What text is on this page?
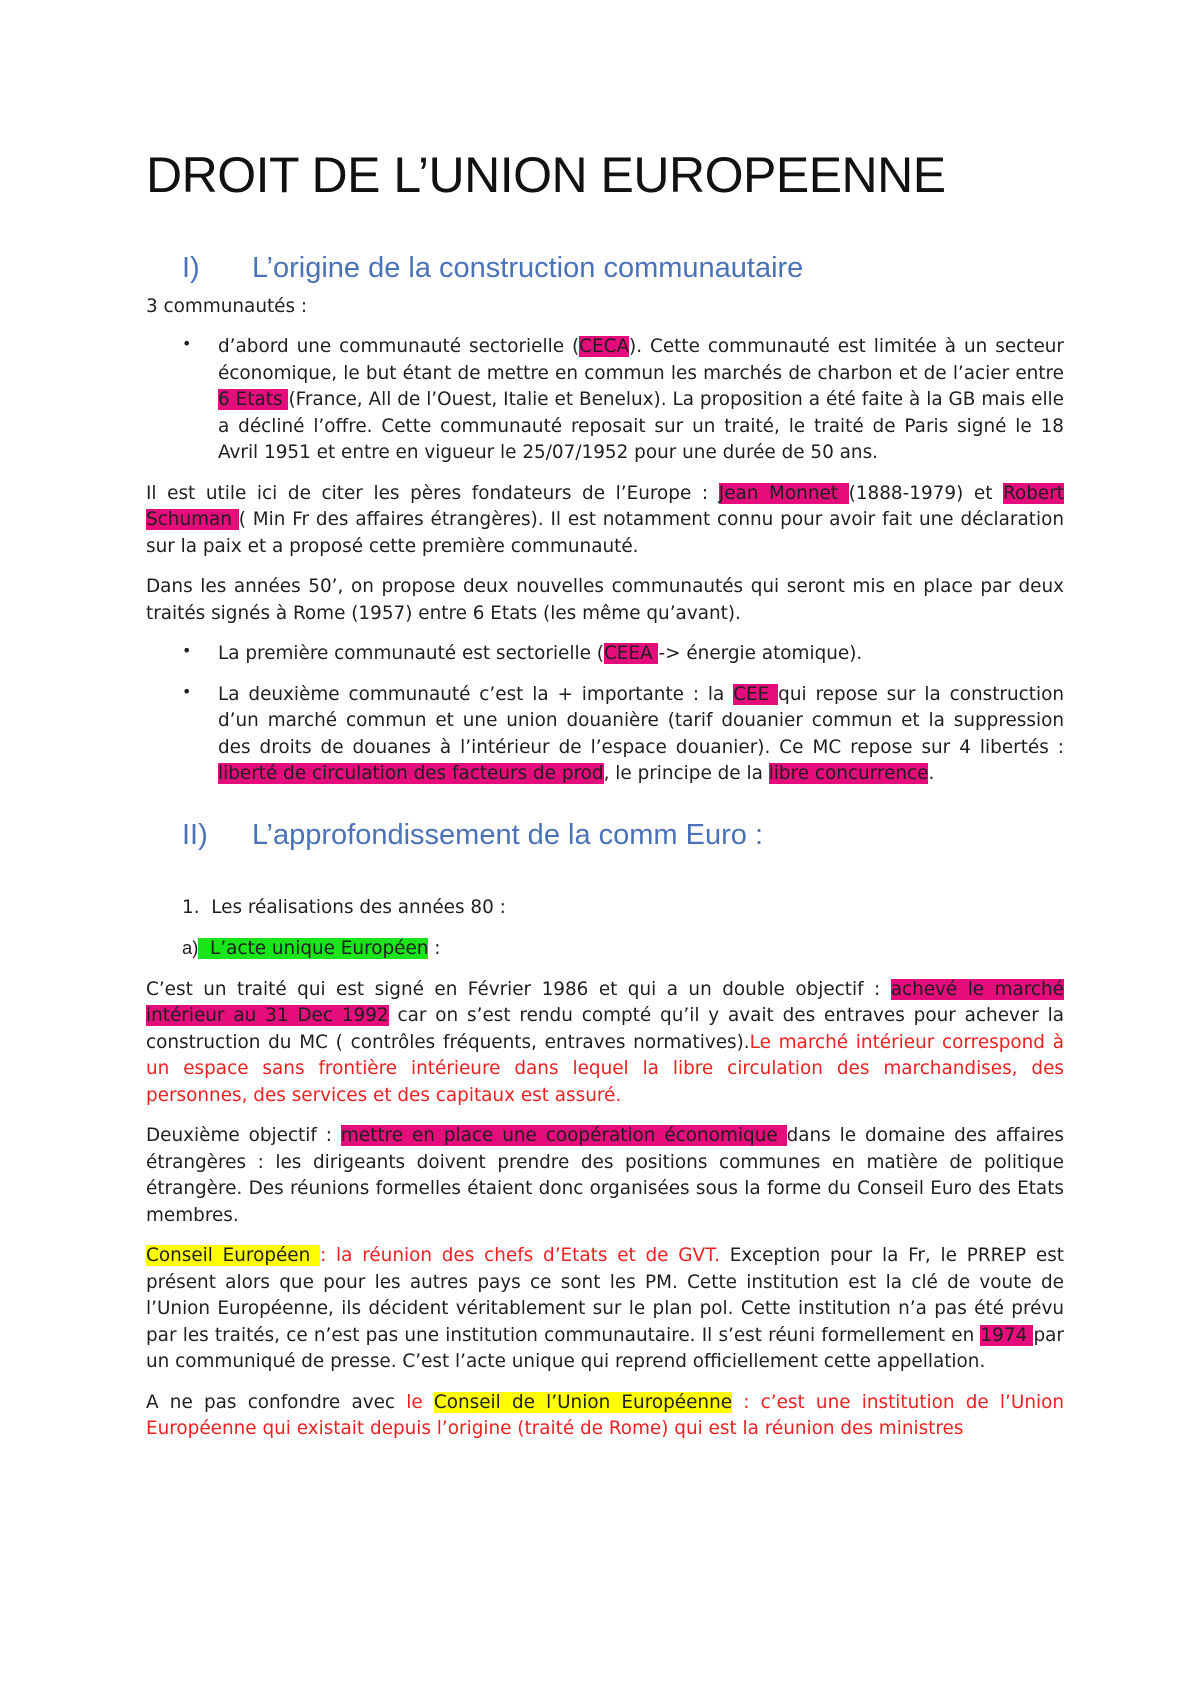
DROIT DE L’UNION EUROPEENNE
I)	L’origine de la construction communautaire

3 communautés :

•	d’abord une communauté sectorielle (CECA). Cette communauté est limitée à un secteur économique, le but étant de mettre en commun les marchés de charbon et de l’acier entre 6 Etats (France, All de l’Ouest, Italie et Benelux). La proposition a été faite à la GB mais elle a décliné l’offre. Cette communauté reposait sur un traité, le traité de Paris signé le 18 Avril 1951 et entre en vigueur le 25/07/1952 pour une durée de 50 ans.

Il est utile ici de citer les pères fondateurs de l’Europe : Jean Monnet (1888-1979) et Robert Schuman ( Min Fr des affaires étrangères). Il est notamment connu pour avoir fait une déclaration sur la paix et a proposé cette première communauté.

Dans les années 50’, on propose deux nouvelles communautés qui seront mis en place par deux traités signés à Rome (1957) entre 6 Etats (les même qu’avant).

•	La première communauté est sectorielle (CEEA -> énergie atomique).

•	La deuxième communauté c’est la + importante : la CEE qui repose sur la construction d’un marché commun et une union douanière (tarif douanier commun et la suppression des droits de douanes à l’intérieur de l’espace douanier). Ce MC repose sur 4 libertés : liberté de circulation des facteurs de prod, le principe de la libre concurrence.

II)	L’approfondissement de la comm Euro :

1.  Les réalisations des années 80 :

a)  L’acte unique Européen :

C’est un traité qui est signé en Février 1986 et qui a un double objectif : achevé le marché intérieur au 31 Dec 1992 car on s’est rendu compté qu’il y avait des entraves pour achever la construction du MC ( contrôles fréquents, entraves normatives).Le marché intérieur correspond à un espace sans frontière intérieure dans lequel la libre circulation des marchandises, des personnes, des services et des capitaux est assuré.

Deuxième objectif : mettre en place une coopération économique dans le domaine des affaires étrangères : les dirigeants doivent prendre des positions communes en matière de politique étrangère. Des réunions formelles étaient donc organisées sous la forme du Conseil Euro des Etats membres.

Conseil Européen : la réunion des chefs d’Etats et de GVT. Exception pour la Fr, le PRREP est présent alors que pour les autres pays ce sont les PM. Cette institution est la clé de voute de l’Union Européenne, ils décident véritablement sur le plan pol. Cette institution n’a pas été prévu par les traités, ce n’est pas une institution communautaire. Il s’est réuni formellement en 1974 par un communiqué de presse. C’est l’acte unique qui reprend officiellement cette appellation.

A ne pas confondre avec le Conseil de l’Union Européenne : c’est une institution de l’Union Européenne qui existait depuis l’origine (traité de Rome) qui est la réunion des ministres
